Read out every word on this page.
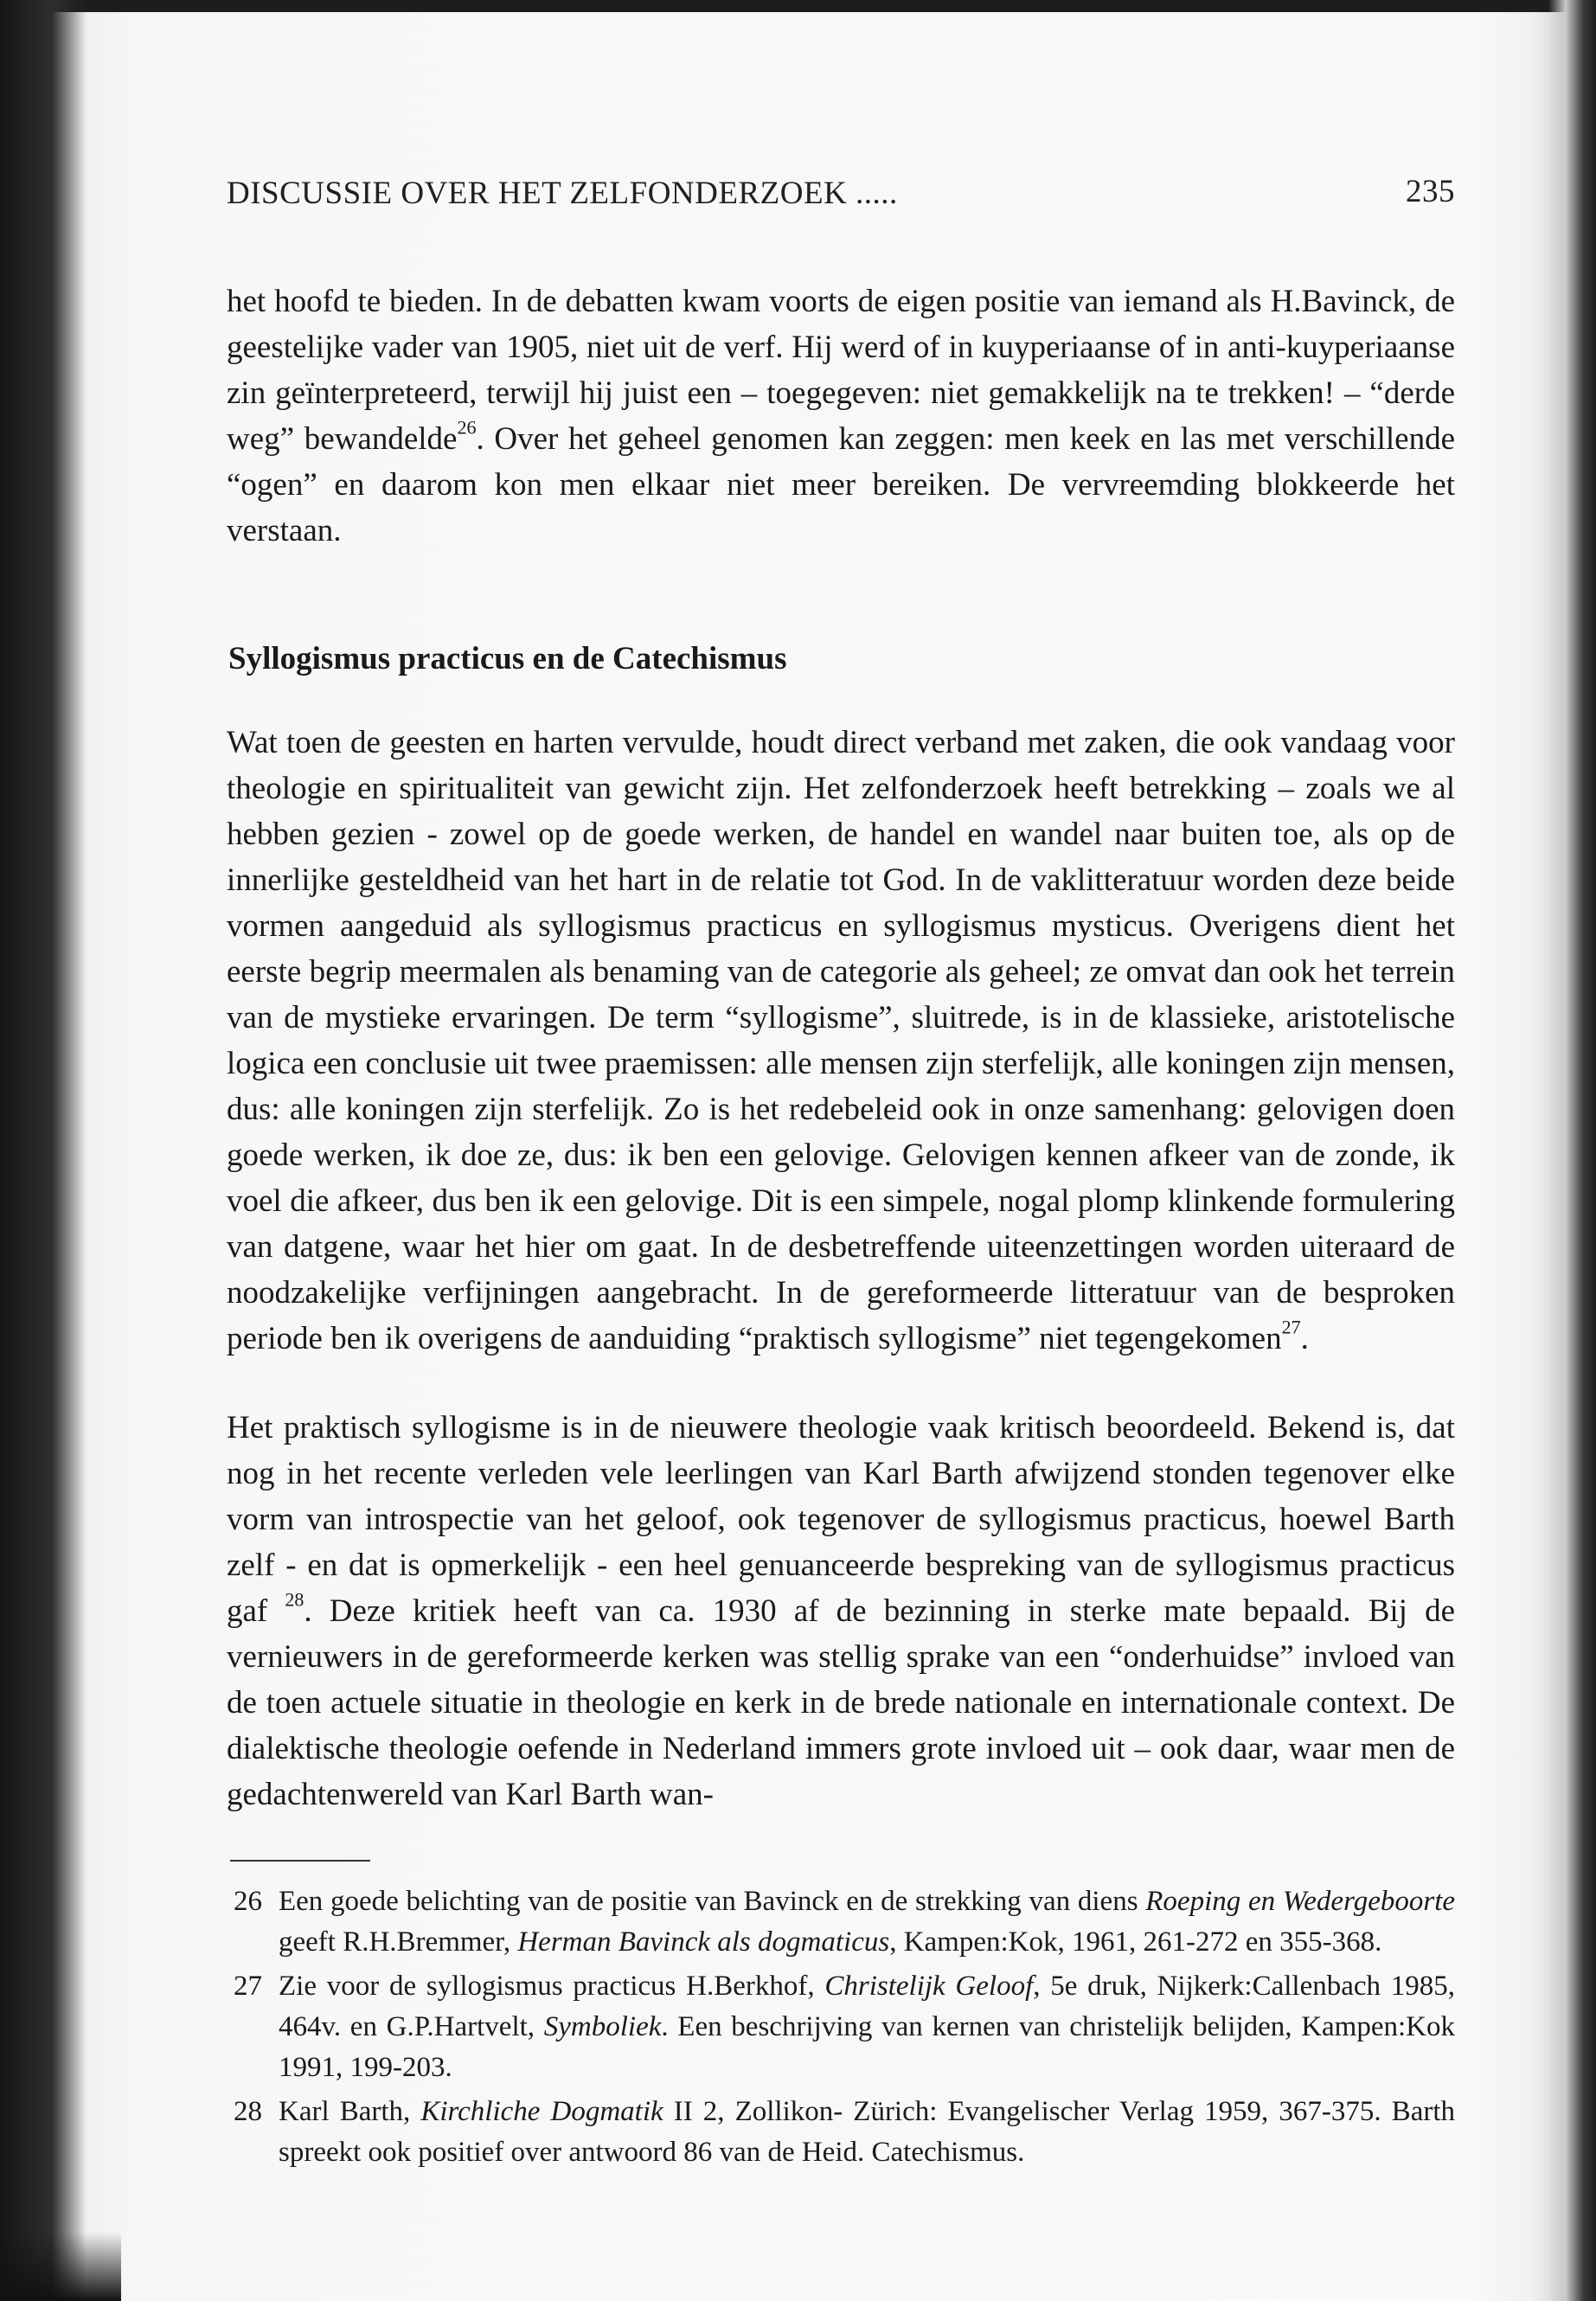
DISCUSSIE OVER HET ZELFONDERZOEK .....	235

het hoofd te bieden. In de debatten kwam voorts de eigen positie van iemand als H.Bavinck, de geestelijke vader van 1905, niet uit de verf. Hij werd of in kuyperiaanse of in anti-kuyperiaanse zin geïnterpreteerd, terwijl hij juist een – toegegeven: niet gemakkelijk na te trekken! – “derde weg” bewandelde$^{26}$. Over het geheel genomen kan zeggen: men keek en las met verschillende “ogen” en daarom kon men elkaar niet meer bereiken. De vervreemding blokkeerde het verstaan.

Syllogismus practicus en de Catechismus

Wat toen de geesten en harten vervulde, houdt direct verband met zaken, die ook vandaag voor theologie en spiritualiteit van gewicht zijn. Het zelfonderzoek heeft betrekking – zoals we al hebben gezien - zowel op de goede werken, de handel en wandel naar buiten toe, als op de innerlijke gesteldheid van het hart in de relatie tot God. In de vaklitteratuur worden deze beide vormen aangeduid als syllogismus practicus en syllogismus mysticus. Overigens dient het eerste begrip meermalen als benaming van de categorie als geheel; ze omvat dan ook het terrein van de mystieke ervaringen. De term “syllogisme”, sluitrede, is in de klassieke, aristotelische logica een conclusie uit twee praemissen: alle mensen zijn sterfelijk, alle koningen zijn mensen, dus: alle koningen zijn sterfelijk. Zo is het redebeleid ook in onze samenhang: gelovigen doen goede werken, ik doe ze, dus: ik ben een gelovige. Gelovigen kennen afkeer van de zonde, ik voel die afkeer, dus ben ik een gelovige. Dit is een simpele, nogal plomp klinkende formulering van datgene, waar het hier om gaat. In de desbetreffende uiteenzettingen worden uiteraard de noodzakelijke verfijningen aangebracht. In de gereformeerde litteratuur van de besproken periode ben ik overigens de aanduiding “praktisch syllogisme” niet tegengekomen$^{27}$.

Het praktisch syllogisme is in de nieuwere theologie vaak kritisch beoordeeld. Bekend is, dat nog in het recente verleden vele leerlingen van Karl Barth afwijzend stonden tegenover elke vorm van introspectie van het geloof, ook tegenover de syllogismus practicus, hoewel Barth zelf - en dat is opmerkelijk - een heel genuanceerde bespreking van de syllogismus practicus gaf $^{28}$. Deze kritiek heeft van ca. 1930 af de bezinning in sterke mate bepaald. Bij de vernieuwers in de gereformeerde kerken was stellig sprake van een “onderhuidse” invloed van de toen actuele situatie in theologie en kerk in de brede nationale en internationale context. De dialektische theologie oefende in Nederland immers grote invloed uit – ook daar, waar men de gedachtenwereld van Karl Barth wan-

26 Een goede belichting van de positie van Bavinck en de strekking van diens Roeping en Wedergeboorte geeft R.H.Bremmer, Herman Bavinck als dogmaticus, Kampen:Kok, 1961, 261-272 en 355-368.

27 Zie voor de syllogismus practicus H.Berkhof, Christelijk Geloof, 5e druk, Nijkerk:Callenbach 1985, 464v. en G.P.Hartvelt, Symboliek. Een beschrijving van kernen van christelijk belijden, Kampen:Kok 1991, 199-203.

28 Karl Barth, Kirchliche Dogmatik II 2, Zollikon- Zürich: Evangelischer Verlag 1959, 367-375. Barth spreekt ook positief over antwoord 86 van de Heid. Catechismus.
